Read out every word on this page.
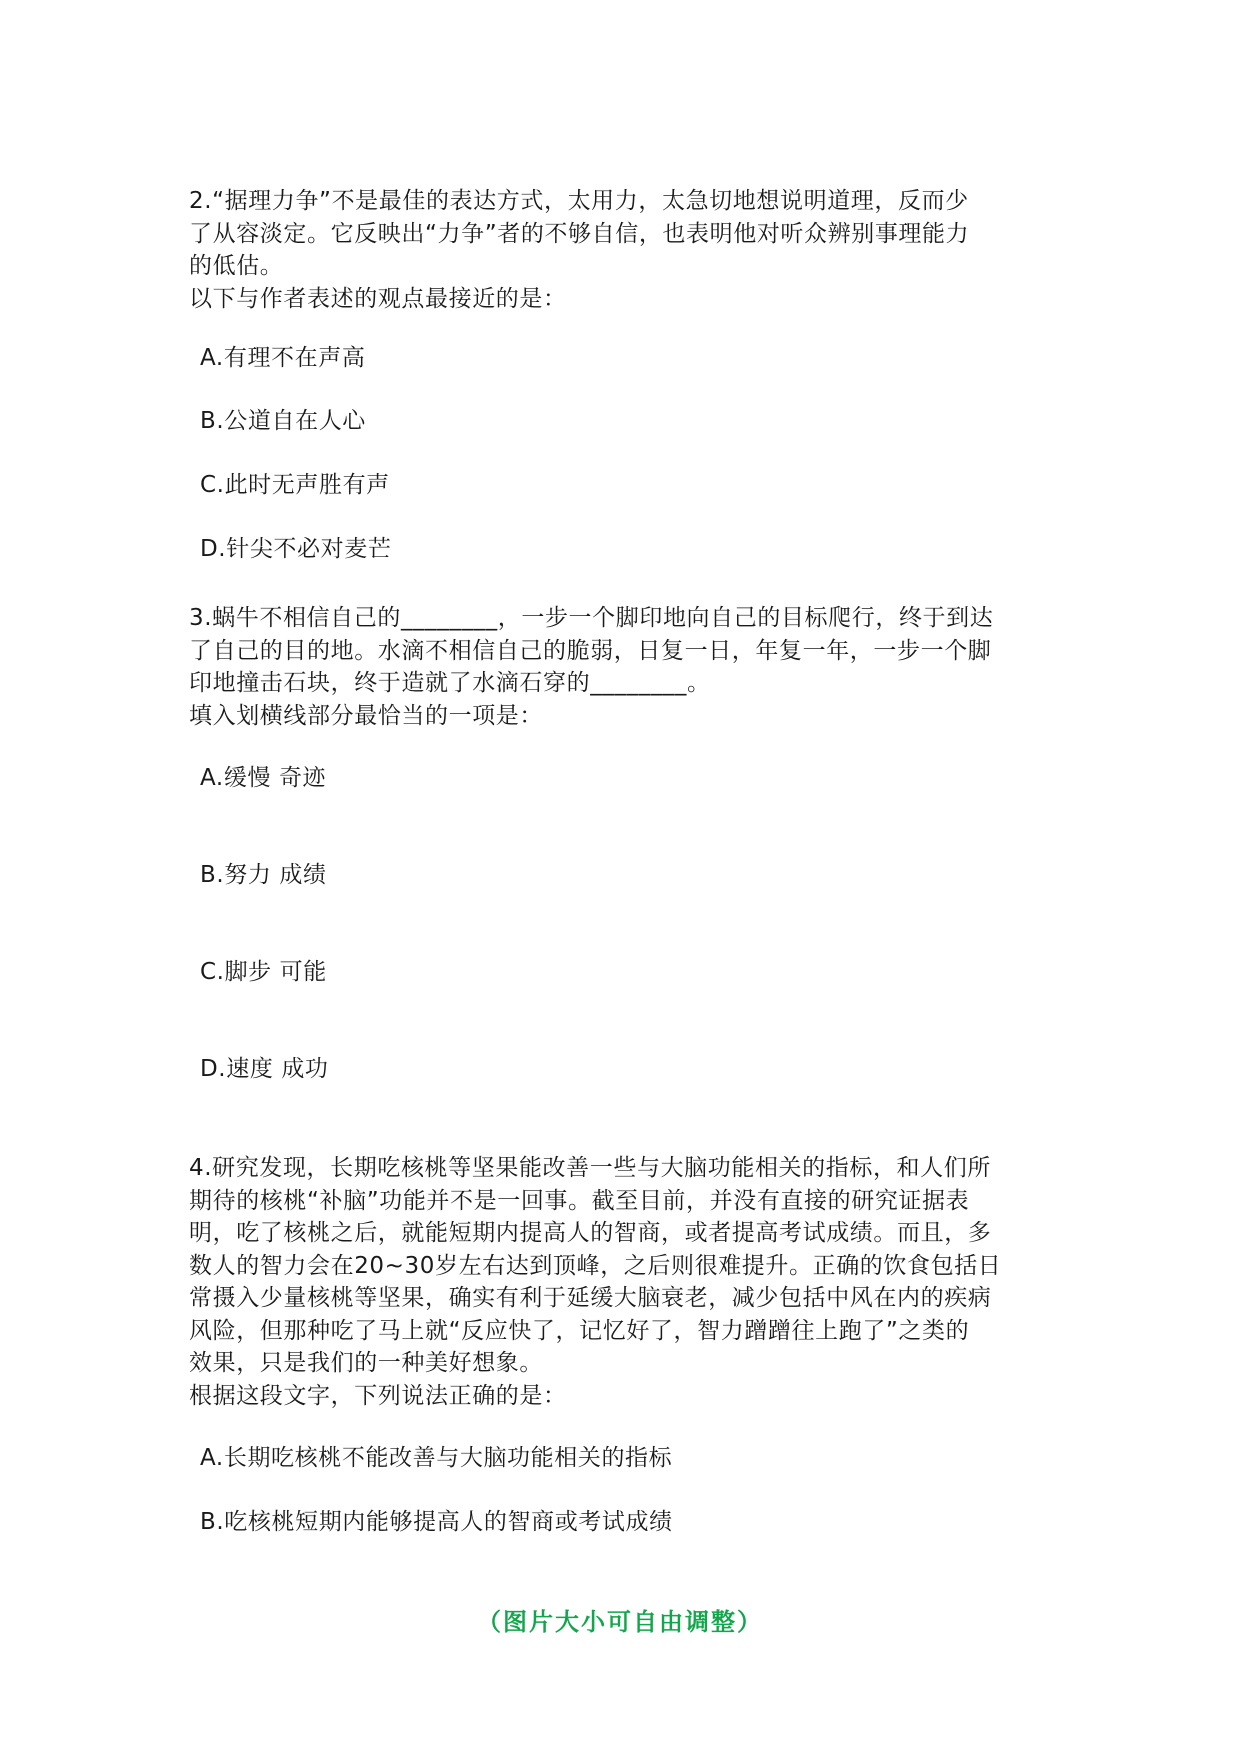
2.“据理力争”不是最佳的表达方式，太用力，太急切地想说明道理，反而少

了从容淡定。它反映出“力争”者的不够自信，也表明他对听众辨别事理能力

的低估。

以下与作者表述的观点最接近的是：

A.有理不在声高
B.公道自在人心
C.此时无声胜有声
D.针尖不必对麦芒

3.蜗牛不相信自己的________，一步一个脚印地向自己的目标爬行，终于到达

了自己的目的地。水滴不相信自己的脆弱，日复一日，年复一年，一步一个脚

印地撞击石块，终于造就了水滴石穿的________。

填入划横线部分最恰当的一项是：

A.缓慢 奇迹
B.努力 成绩
C.脚步 可能
D.速度 成功

4.研究发现，长期吃核桃等坚果能改善一些与大脑功能相关的指标，和人们所

期待的核桃“补脑”功能并不是一回事。截至目前，并没有直接的研究证据表

明，吃了核桃之后，就能短期内提高人的智商，或者提高考试成绩。而且，多

数人的智力会在20~30岁左右达到顶峰，之后则很难提升。正确的饮食包括日

常摄入少量核桃等坚果，确实有利于延缓大脑衰老，减少包括中风在内的疾病

风险，但那种吃了马上就“反应快了，记忆好了，智力蹭蹭往上跑了”之类的

效果，只是我们的一种美好想象。

根据这段文字，下列说法正确的是：

A.长期吃核桃不能改善与大脑功能相关的指标
B.吃核桃短期内能够提高人的智商或考试成绩
（图片大小可自由调整）
